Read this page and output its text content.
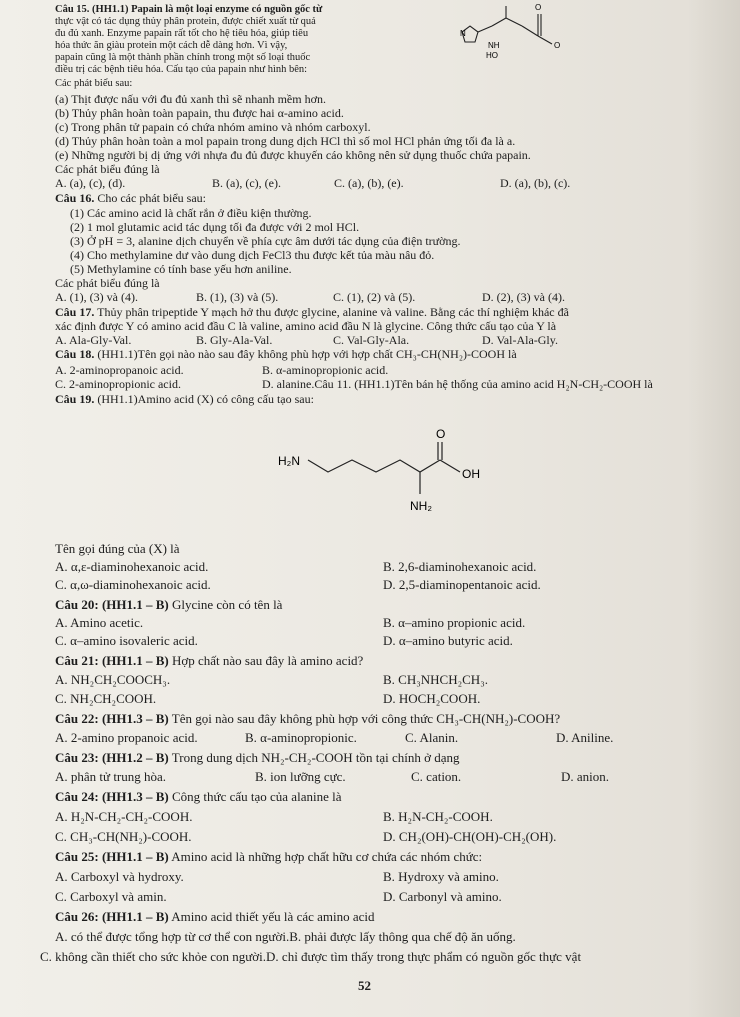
Câu 15. (HH1.1) Papain là một loại enzyme có nguồn gốc từ
thực vật có tác dụng thủy phân protein, được chiết xuất từ quả
đu đủ xanh. Enzyme papain rất tốt cho hệ tiêu hóa, giúp tiêu
hóa thức ăn giàu protein một cách dễ dàng hơn. Vì vậy,
papain cũng là một thành phần chính trong một số loại thuốc
điều trị các bệnh tiêu hóa. Cấu tạo của papain như hình bên:
N
NH
HO
O
O
Các phát biểu sau:
(a) Thịt được nấu với đu đủ xanh thì sẽ nhanh mềm hơn.
(b) Thủy phân hoàn toàn papain, thu được hai α-amino acid.
(c) Trong phân tử papain có chứa nhóm amino và nhóm carboxyl.
(d) Thủy phân hoàn toàn a mol papain trong dung dịch HCl thì số mol HCl phản ứng tối đa là a.
(e) Những người bị dị ứng với nhựa đu đủ được khuyến cáo không nên sử dụng thuốc chứa papain.
Các phát biểu đúng là
A. (a), (c), (d).	B. (a), (c), (e).	C. (a), (b), (e).	D. (a), (b), (c).
Câu 16. Cho các phát biểu sau:
(1) Các amino acid là chất rắn ở điều kiện thường.
(2) 1 mol glutamic acid tác dụng tối đa được với 2 mol HCl.
(3) Ở pH = 3, alanine dịch chuyển về phía cực âm dưới tác dụng của điện trường.
(4) Cho methylamine dư vào dung dịch FeCl3 thu được kết tủa màu nâu đỏ.
(5) Methylamine có tính base yếu hơn aniline.
Các phát biểu đúng là
A. (1), (3) và (4).	B. (1), (3) và (5).	C. (1), (2) và (5).	D. (2), (3) và (4).
Câu 17. Thủy phân tripeptide Y mạch hở thu được glycine, alanine và valine. Bằng các thí nghiệm khác đã
xác định được Y có amino acid đầu C là valine, amino acid đầu N là glycine. Công thức cấu tạo của Y là
A. Ala-Gly-Val.	B. Gly-Ala-Val.	C. Val-Gly-Ala.	D. Val-Ala-Gly.
Câu 18. (HH1.1)Tên gọi nào nào sau đây không phù hợp với hợp chất CH₃-CH(NH₂)-COOH là
A. 2-aminopropanoic acid.	B. α-aminopropionic acid.
C. 2-aminopropionic acid.	D. alanine.Câu 11. (HH1.1)Tên bán hệ thống của amino acid H₂N-CH₂-COOH là
Câu 19. (HH1.1)Amino acid (X) có công cấu tạo sau:
H₂N
O
OH
NH₂
Tên gọi đúng của (X) là
A. α,ε-diaminohexanoic acid.	B. 2,6-diaminohexanoic acid.
C. α,ω-diaminohexanoic acid.	D. 2,5-diaminopentanoic acid.
Câu 20: (HH1.1 – B) Glycine còn có tên là
A. Amino acetic.	B. α–amino propionic acid.
C. α–amino isovaleric acid.	D. α–amino butyric acid.
Câu 21: (HH1.1 – B) Hợp chất nào sau đây là amino acid?
A. NH₂CH₂COOCH₃.	B. CH₃NHCH₂CH₃.
C. NH₂CH₂COOH.	D. HOCH₂COOH.
Câu 22: (HH1.3 – B) Tên gọi nào sau đây không phù hợp với công thức CH₃-CH(NH₂)-COOH?
A. 2-amino propanoic acid.	B. α-aminopropionic.	C. Alanin.	D. Aniline.
Câu 23: (HH1.2 – B) Trong dung dịch NH₂-CH₂-COOH tồn tại chính ở dạng
A. phân tử trung hòa.	B. ion lưỡng cực.	C. cation.	D. anion.
Câu 24: (HH1.3 – B) Công thức cấu tạo của alanine là
A. H₂N-CH₂-CH₂-COOH.	B. H₂N-CH₂-COOH.
C. CH₃-CH(NH₂)-COOH.	D. CH₂(OH)-CH(OH)-CH₂(OH).
Câu 25: (HH1.1 – B) Amino acid là những hợp chất hữu cơ chứa các nhóm chức:
A. Carboxyl và hydroxy.	B. Hydroxy và amino.
C. Carboxyl và amin.	D. Carbonyl và amino.
Câu 26: (HH1.1 – B) Amino acid thiết yếu là các amino acid
A. có thể được tổng hợp từ cơ thể con người.B. phải được lấy thông qua chế độ ăn uống.
C. không cần thiết cho sức khỏe con người.D. chỉ được tìm thấy trong thực phẩm có nguồn gốc thực vật
52
